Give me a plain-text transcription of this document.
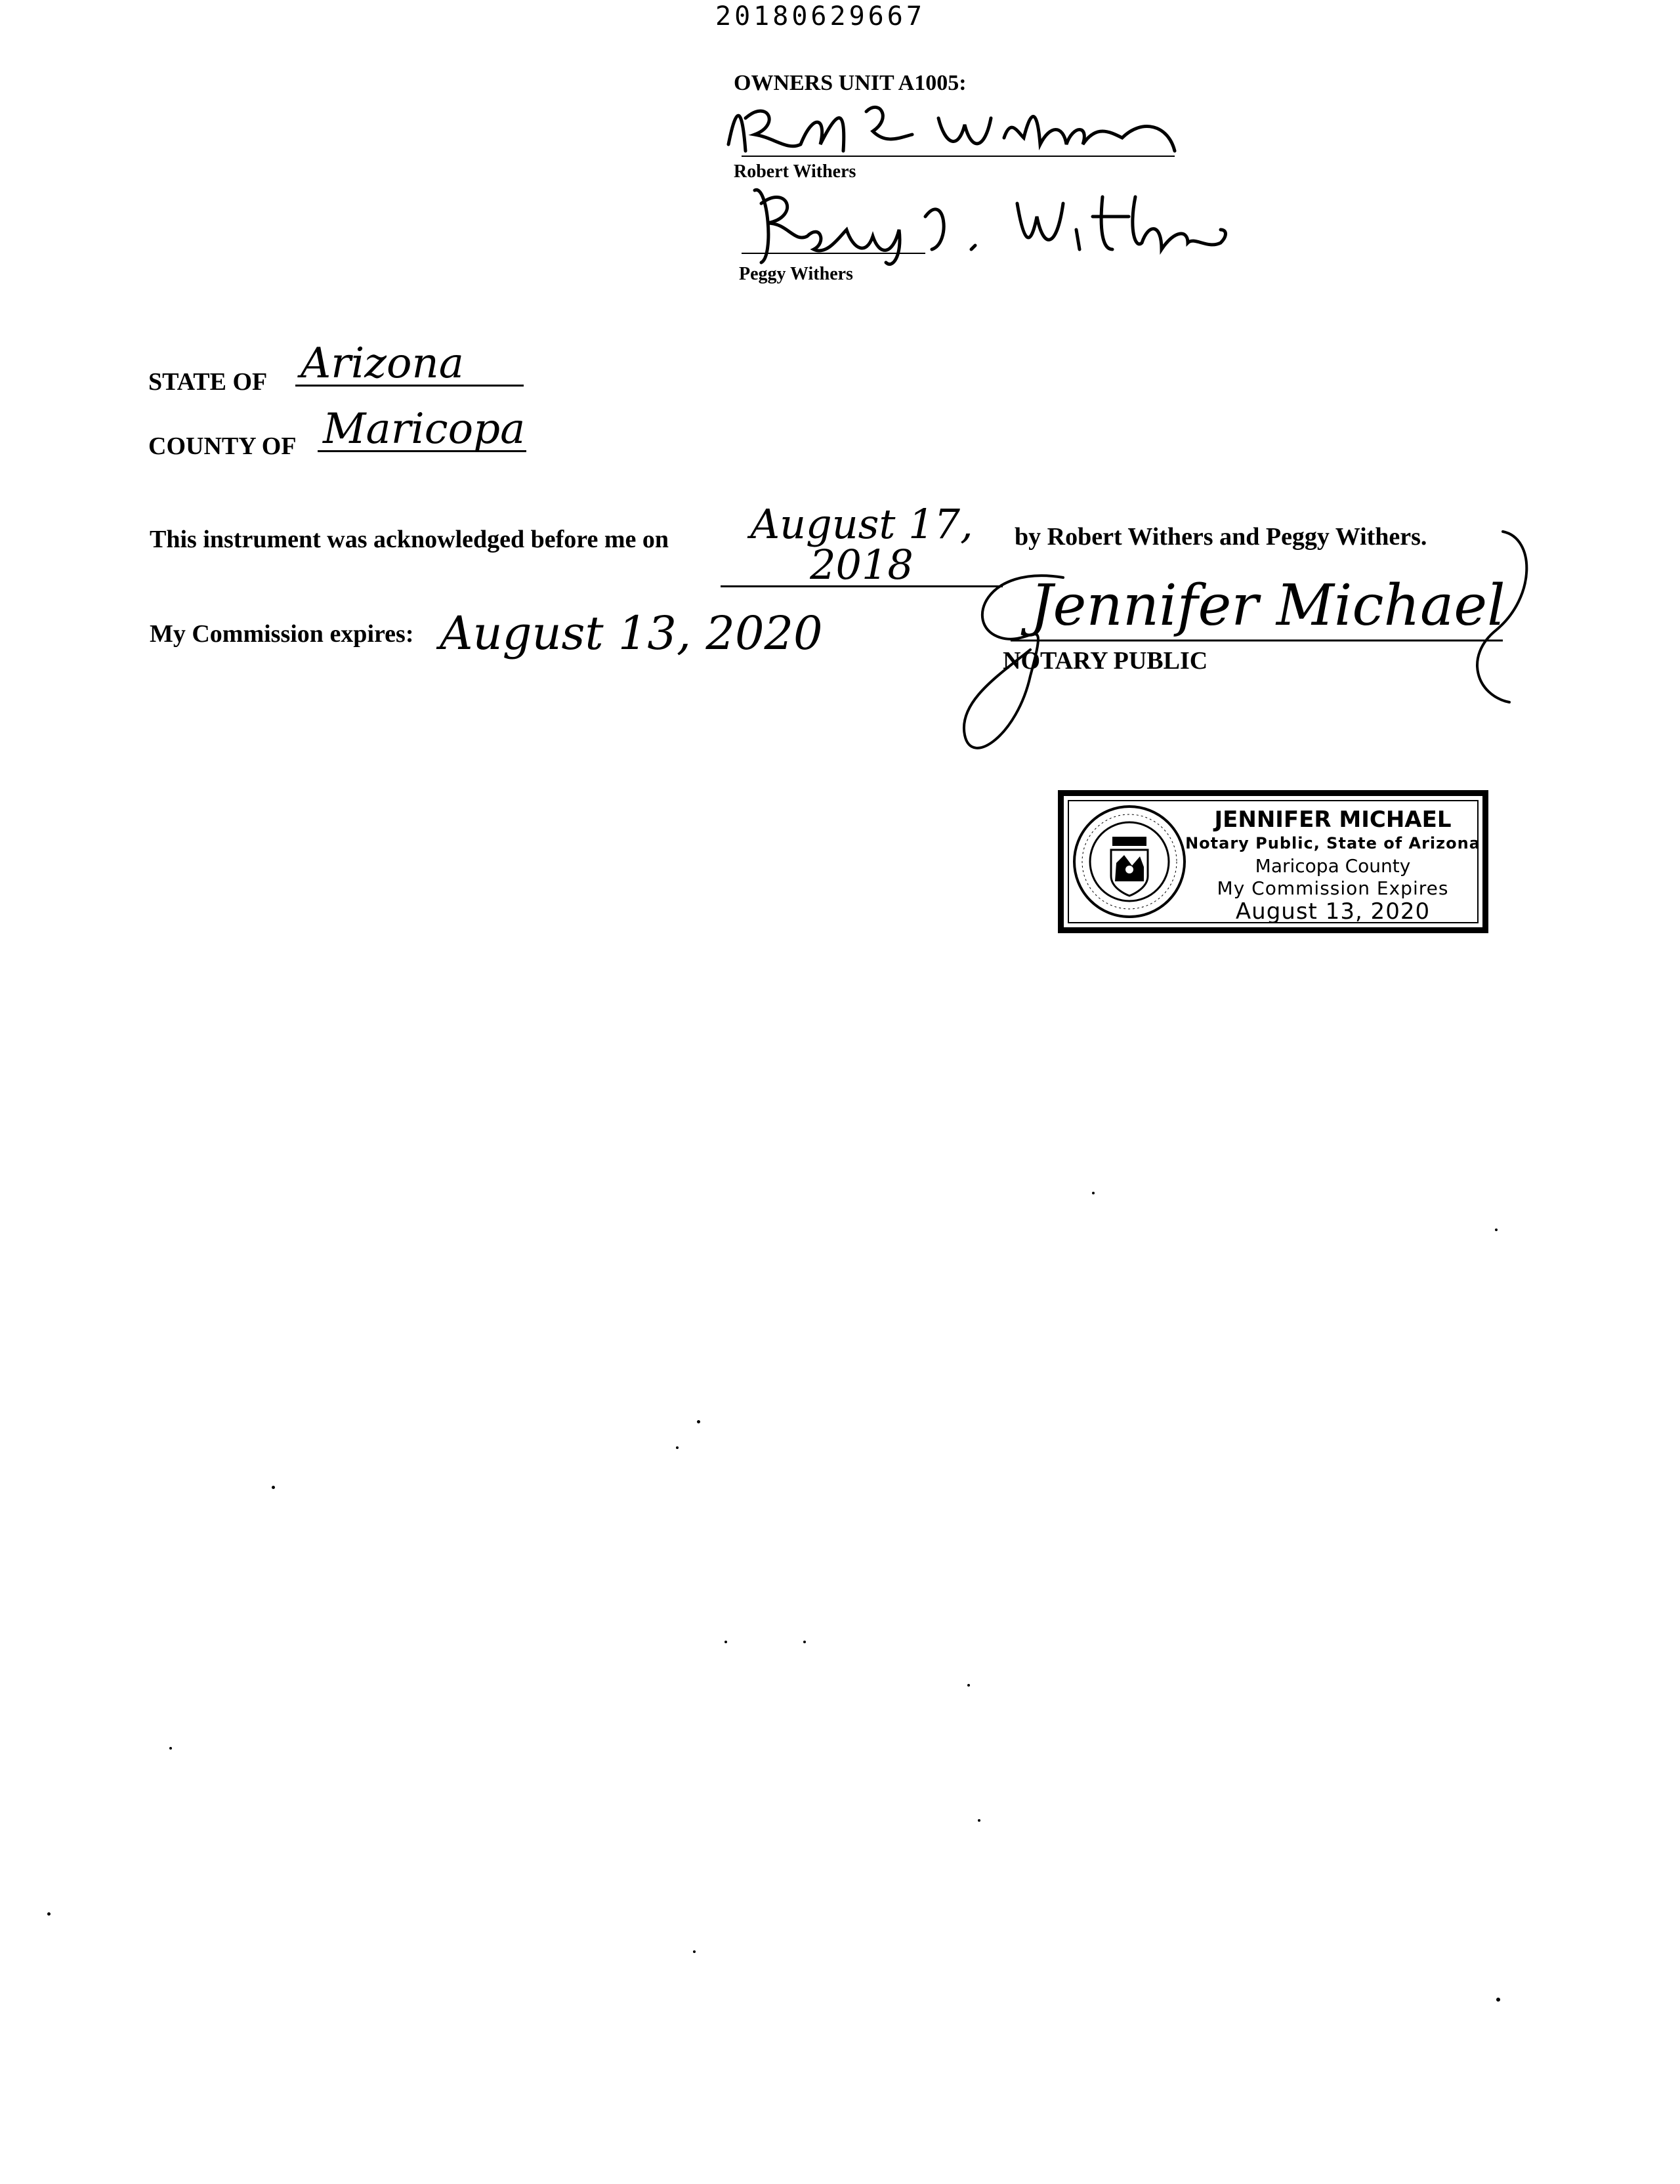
20180629667
OWNERS UNIT A1005:
Robert Withers
Peggy Withers
STATE OF Arizona
COUNTY OF Maricopa
This instrument was acknowledged before me on	August 17, 2018
by Robert Withers and Peggy Withers.
My Commission expires: August 13, 2020	Jennifer Michael
NOTARY PUBLIC
JENNIFER MICHAEL
Notary Public, State of Arizona
Maricopa County
My Commission Expires
August 13, 2020
